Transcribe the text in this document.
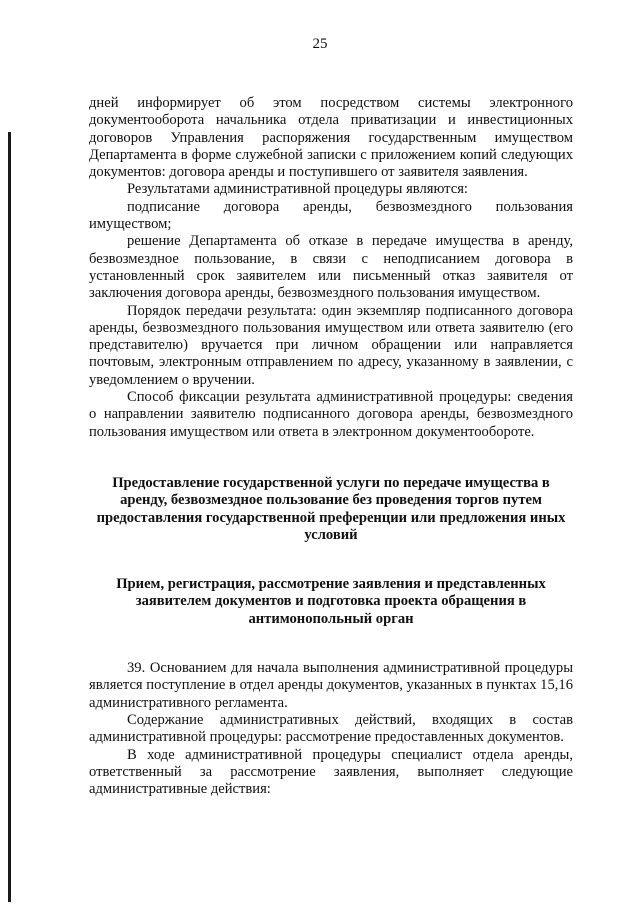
25

дней информирует об этом посредством системы электронного документооборота начальника отдела приватизации и инвестиционных договоров Управления распоряжения государственным имуществом Департамента в форме служебной записки с приложением копий следующих документов: договора аренды и поступившего от заявителя заявления.

Результатами административной процедуры являются:

подписание договора аренды, безвозмездного пользования имуществом;

решение Департамента об отказе в передаче имущества в аренду, безвозмездное пользование, в связи с неподписанием договора в установленный срок заявителем или письменный отказ заявителя от заключения договора аренды, безвозмездного пользования имуществом.

Порядок передачи результата: один экземпляр подписанного договора аренды, безвозмездного пользования имуществом или ответа заявителю (его представителю) вручается при личном обращении или направляется почтовым, электронным отправлением по адресу, указанному в заявлении, с уведомлением о вручении.

Способ фиксации результата административной процедуры: сведения о направлении заявителю подписанного договора аренды, безвозмездного пользования имуществом или ответа в электронном документообороте.

Предоставление государственной услуги по передаче имущества в аренду, безвозмездное пользование без проведения торгов путем предоставления государственной преференции или предложения иных условий
Прием, регистрация, рассмотрение заявления и представленных заявителем документов и подготовка проекта обращения в антимонопольный орган

39. Основанием для начала выполнения административной процедуры является поступление в отдел аренды документов, указанных в пунктах 15,16 административного регламента.

Содержание административных действий, входящих в состав административной процедуры: рассмотрение предоставленных документов.

В ходе административной процедуры специалист отдела аренды, ответственный за рассмотрение заявления, выполняет следующие административные действия:
